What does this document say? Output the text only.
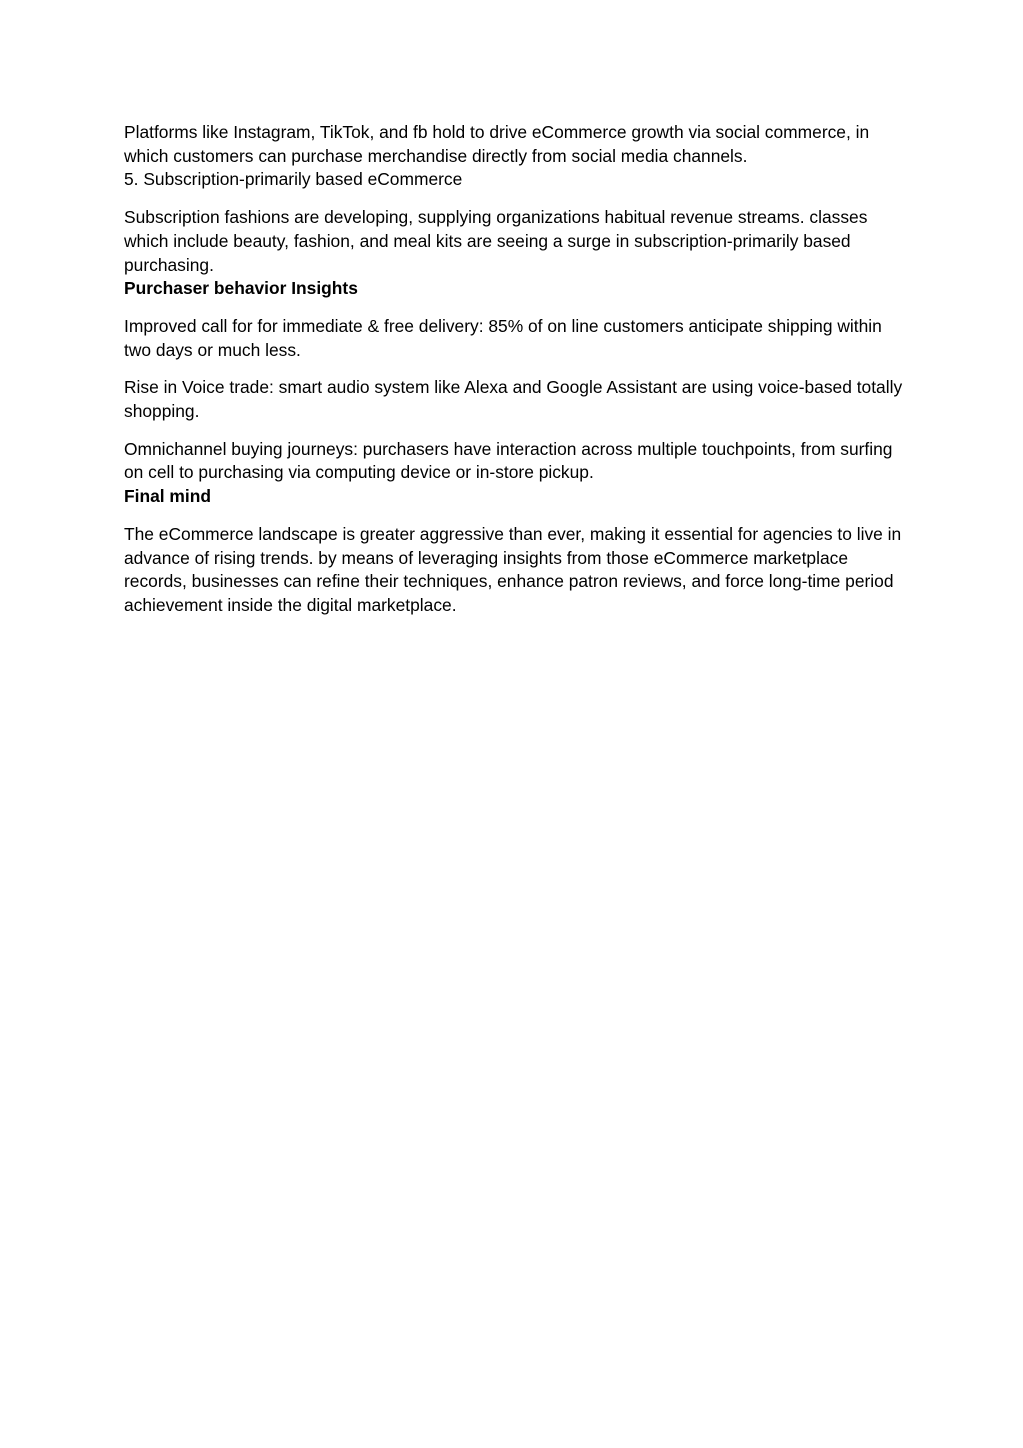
Platforms like Instagram, TikTok, and fb hold to drive eCommerce growth via social commerce, in which customers can purchase merchandise directly from social media channels.

5. Subscription-primarily based eCommerce

Subscription fashions are developing, supplying organizations habitual revenue streams. classes which include beauty, fashion, and meal kits are seeing a surge in subscription-primarily based purchasing.

Purchaser behavior Insights

Improved call for for immediate & free delivery: 85% of on line customers anticipate shipping within two days or much less.

Rise in Voice trade: smart audio system like Alexa and Google Assistant are using voice-based totally shopping.

Omnichannel buying journeys: purchasers have interaction across multiple touchpoints, from surfing on cell to purchasing via computing device or in-store pickup.

Final mind

The eCommerce landscape is greater aggressive than ever, making it essential for agencies to live in advance of rising trends. by means of leveraging insights from those eCommerce marketplace records, businesses can refine their techniques, enhance patron reviews, and force long-time period achievement inside the digital marketplace.
